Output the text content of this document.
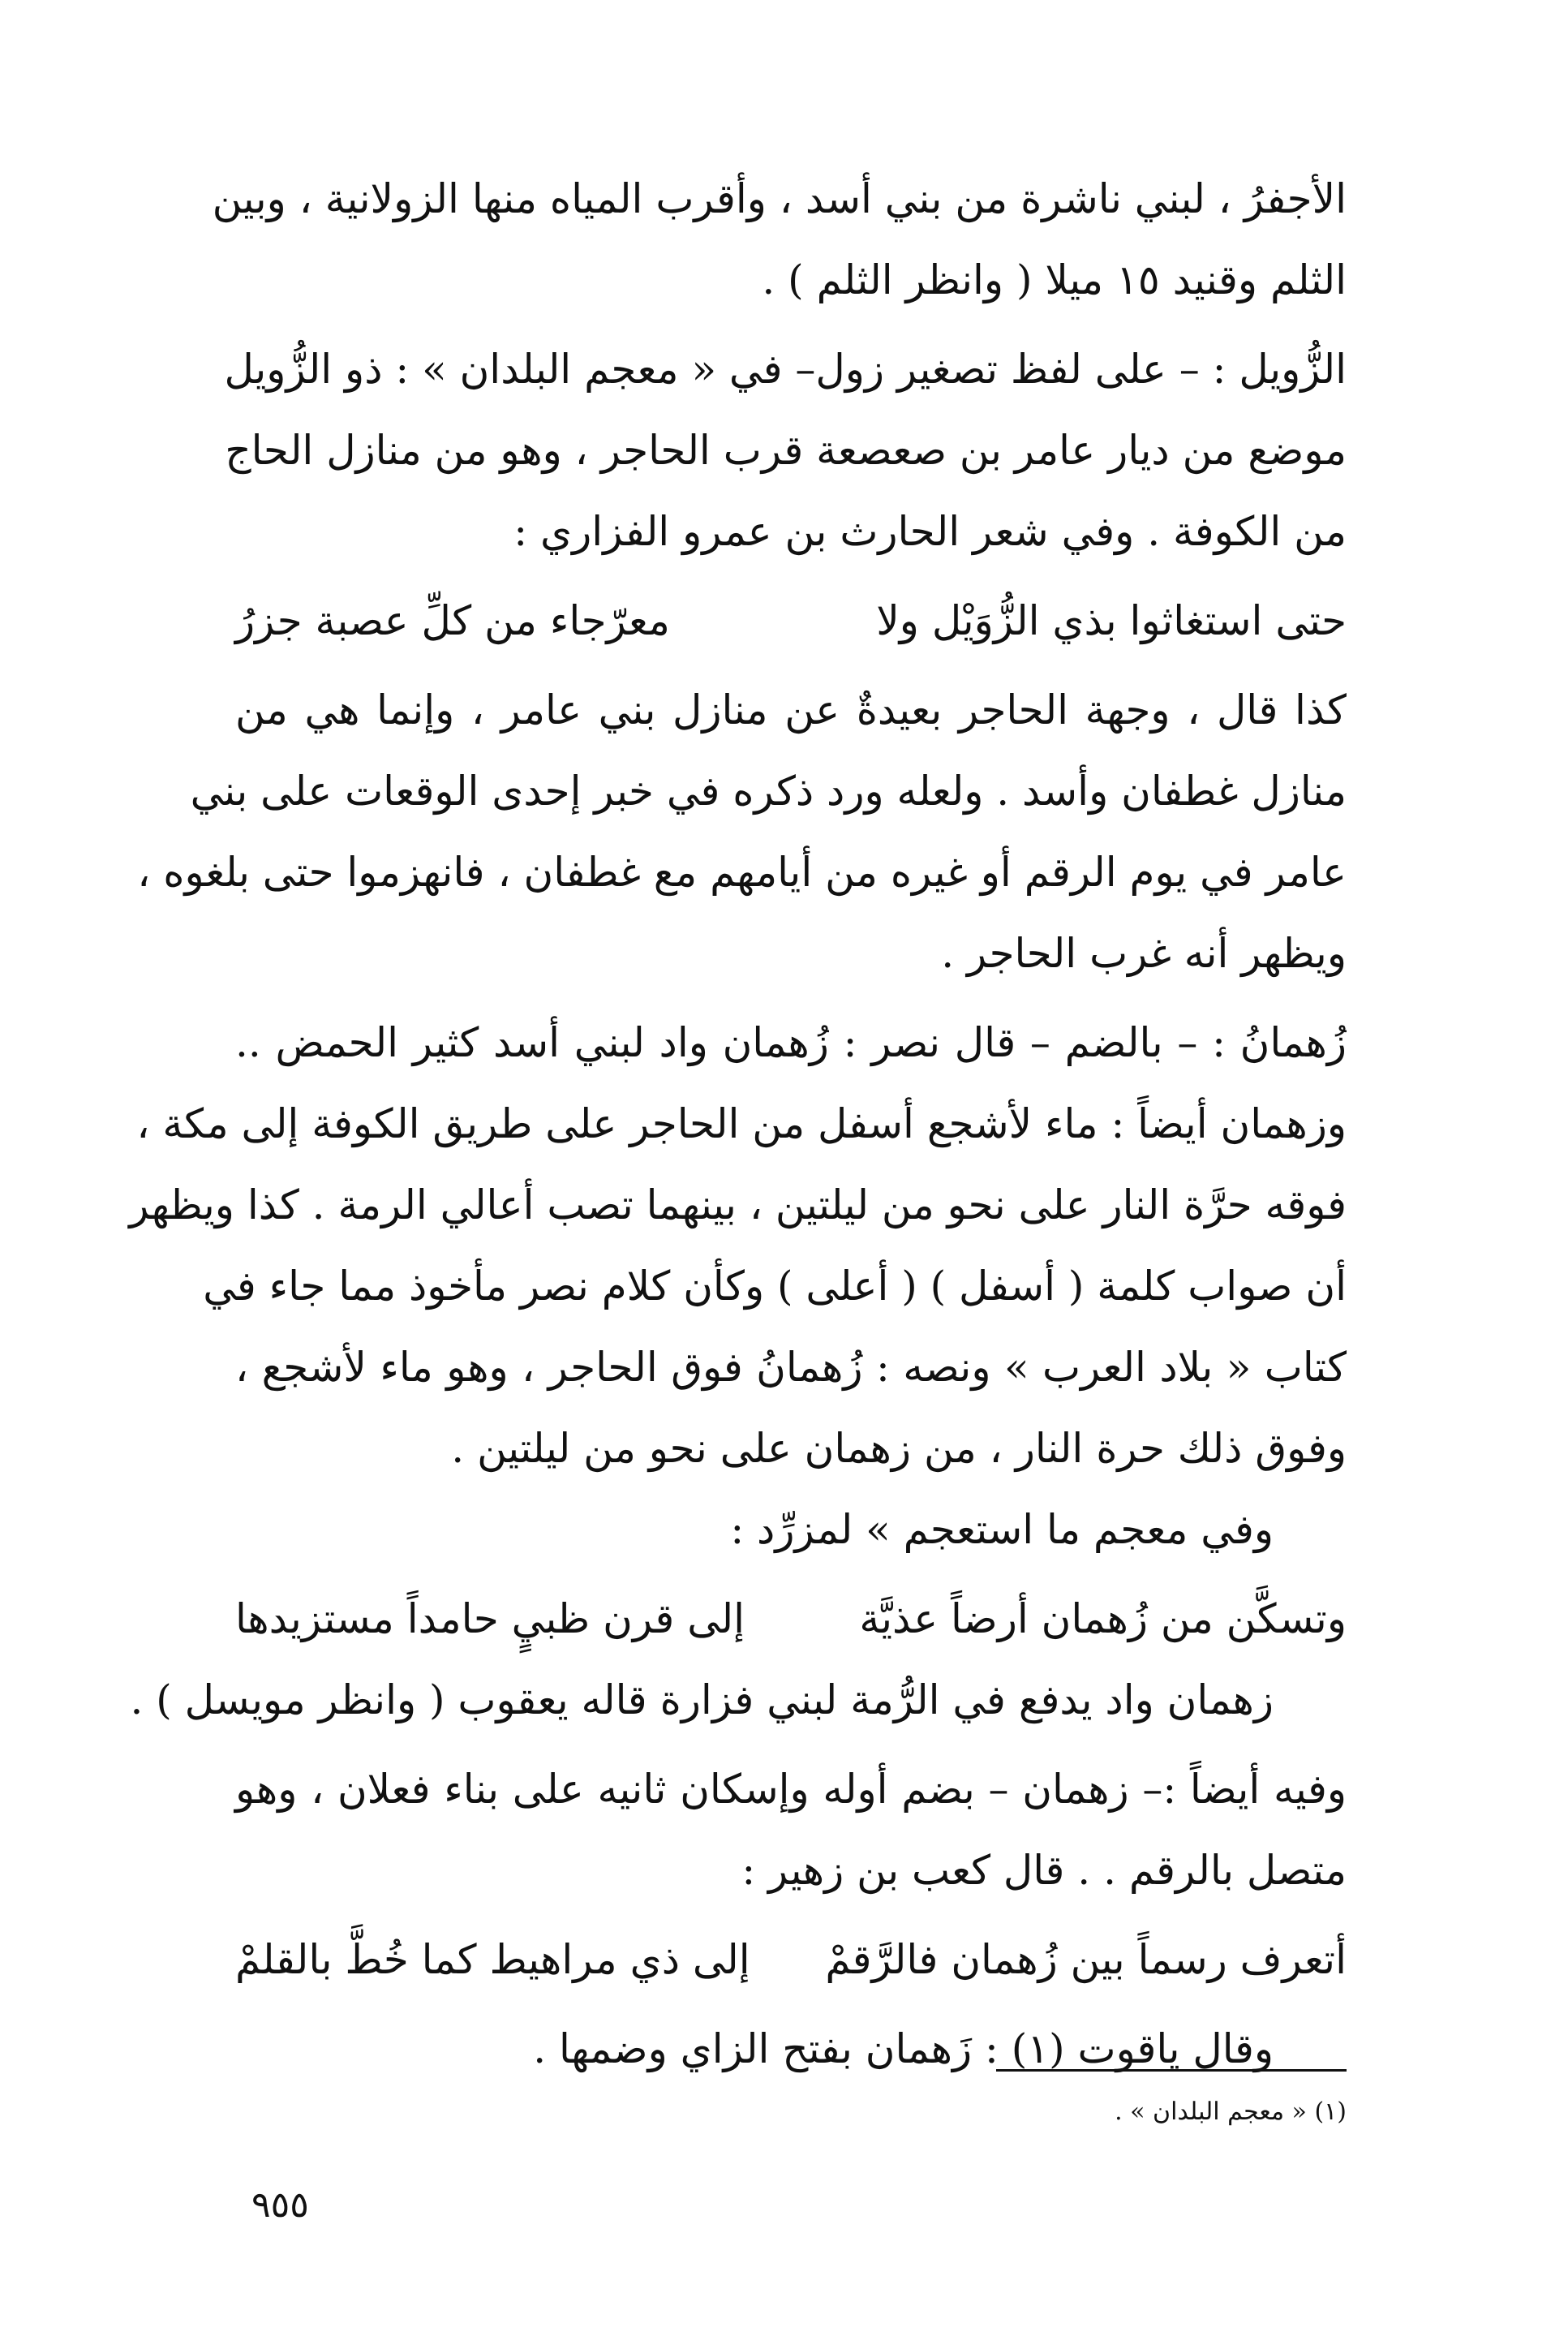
الأجفرُ ، لبني ناشرة من بني أسد ، وأقرب المياه منها الزولانية ، وبين
الثلم وقنيد ١٥ ميلا ( وانظر الثلم ) .
الزُّويل : – على لفظ تصغير زول– في « معجم البلدان » : ذو الزُّويل
موضع من ديار عامر بن صعصعة قرب الحاجر ، وهو من منازل الحاج
من الكوفة . وفي شعر الحارث بن عمرو الفزاري :
حتى استغاثوا بذي الزُّوَيْل ولا
معرّجاء من كلِّ عصبة جزرُ
كذا قال ، وجهة الحاجر بعيدةٌ عن منازل بني عامر ، وإنما هي من
منازل غطفان وأسد . ولعله ورد ذكره في خبر إحدى الوقعات على بني
عامر في يوم الرقم أو غيره من أيامهم مع غطفان ، فانهزموا حتى بلغوه ،
ويظهر أنه غرب الحاجر .
زُهمانُ : – بالضم – قال نصر : زُهمان واد لبني أسد كثير الحمض ..
وزهمان أيضاً : ماء لأشجع أسفل من الحاجر على طريق الكوفة إلى مكة ،
فوقه حرَّة النار على نحو من ليلتين ، بينهما تصب أعالي الرمة . كذا ويظهر
أن صواب كلمة ( أسفل ) ( أعلى ) وكأن كلام نصر مأخوذ مما جاء في
كتاب « بلاد العرب » ونصه : زُهمانُ فوق الحاجر ، وهو ماء لأشجع ،
وفوق ذلك حرة النار ، من زهمان على نحو من ليلتين .
وفي معجم ما استعجم » لمزرِّد :
وتسكَّن من زُهمان أرضاً عذيَّة
إلى قرن ظبيٍ حامداً مستزيدها
زهمان واد يدفع في الرُّمة لبني فزارة قاله يعقوب ( وانظر مويسل ) .
وفيه أيضاً :– زهمان – بضم أوله وإسكان ثانيه على بناء فعلان ، وهو
متصل بالرقم . . قال كعب بن زهير :
أتعرف رسماً بين زُهمان فالرَّقمْ
إلى ذي مراهيط كما خُطَّ بالقلمْ
وقال ياقوت (١) : زَهمان بفتح الزاي وضمها .
(١) « معجم البلدان » .
٩٥٥
